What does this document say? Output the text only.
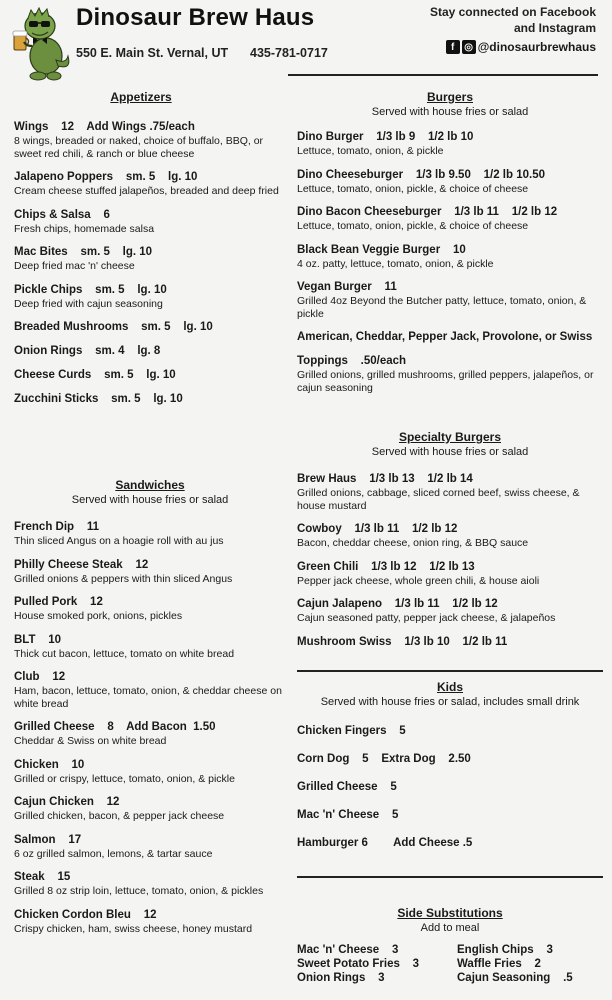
Dinosaur Brew Haus
550 E. Main St. Vernal, UT 435-781-0717
Stay connected on Facebook
and Instagram
f ◎ @dinosaurbrewhaus
Appetizers
Wings    12    Add Wings .75/each
8 wings, breaded or naked, choice of buffalo, BBQ, or sweet red chili, & ranch or blue cheese
Jalapeno Poppers    sm. 5    lg. 10
Cream cheese stuffed jalapeños, breaded and deep fried
Chips & Salsa    6
Fresh chips, homemade salsa
Mac Bites    sm. 5    lg. 10
Deep fried mac 'n' cheese
Pickle Chips    sm. 5    lg. 10
Deep fried with cajun seasoning
Breaded Mushrooms    sm. 5    lg. 10
Onion Rings    sm. 4    lg. 8
Cheese Curds    sm. 5    lg. 10
Zucchini Sticks    sm. 5    lg. 10
Sandwiches
Served with house fries or salad
French Dip    11
Thin sliced Angus on a hoagie roll with au jus
Philly Cheese Steak    12
Grilled onions & peppers with thin sliced Angus
Pulled Pork    12
House smoked pork, onions, pickles
BLT    10
Thick cut bacon, lettuce, tomato on white bread
Club    12
Ham, bacon, lettuce, tomato, onion, & cheddar cheese on white bread
Grilled Cheese    8    Add Bacon  1.50
Cheddar & Swiss on white bread
Chicken    10
Grilled or crispy, lettuce, tomato, onion, & pickle
Cajun Chicken    12
Grilled chicken, bacon, & pepper jack cheese
Salmon    17
6 oz grilled salmon, lemons, & tartar sauce
Steak    15
Grilled 8 oz strip loin, lettuce, tomato, onion, & pickles
Chicken Cordon Bleu    12
Crispy chicken, ham, swiss cheese, honey mustard
Burgers
Served with house fries or salad
Dino Burger    1/3 lb 9    1/2 lb 10
Lettuce, tomato, onion, & pickle
Dino Cheeseburger    1/3 lb 9.50    1/2 lb 10.50
Lettuce, tomato, onion, pickle, & choice of cheese
Dino Bacon Cheeseburger    1/3 lb 11    1/2 lb 12
Lettuce, tomato, onion, pickle, & choice of cheese
Black Bean Veggie Burger    10
4 oz. patty, lettuce, tomato, onion, & pickle
Vegan Burger    11
Grilled 4oz Beyond the Butcher patty, lettuce, tomato, onion, & pickle
American, Cheddar, Pepper Jack, Provolone, or Swiss
Toppings    .50/each
Grilled onions, grilled mushrooms, grilled peppers, jalapeños, or cajun seasoning
Specialty Burgers
Served with house fries or salad
Brew Haus    1/3 lb 13    1/2 lb 14
Grilled onions, cabbage, sliced corned beef, swiss cheese, & house mustard
Cowboy    1/3 lb 11    1/2 lb 12
Bacon, cheddar cheese, onion ring, & BBQ sauce
Green Chili    1/3 lb 12    1/2 lb 13
Pepper jack cheese, whole green chili, & house aioli
Cajun Jalapeno    1/3 lb 11    1/2 lb 12
Cajun seasoned patty, pepper jack cheese, & jalapeños
Mushroom Swiss    1/3 lb 10    1/2 lb 11
Kids
Served with house fries or salad, includes small drink
Chicken Fingers    5
Corn Dog    5    Extra Dog    2.50
Grilled Cheese    5
Mac 'n' Cheese    5
Hamburger 6        Add Cheese .5
Side Substitutions
Add to meal
Mac 'n' Cheese    3	English Chips    3
Sweet Potato Fries    3	Waffle Fries    2
Onion Rings    3	Cajun Seasoning    .5
